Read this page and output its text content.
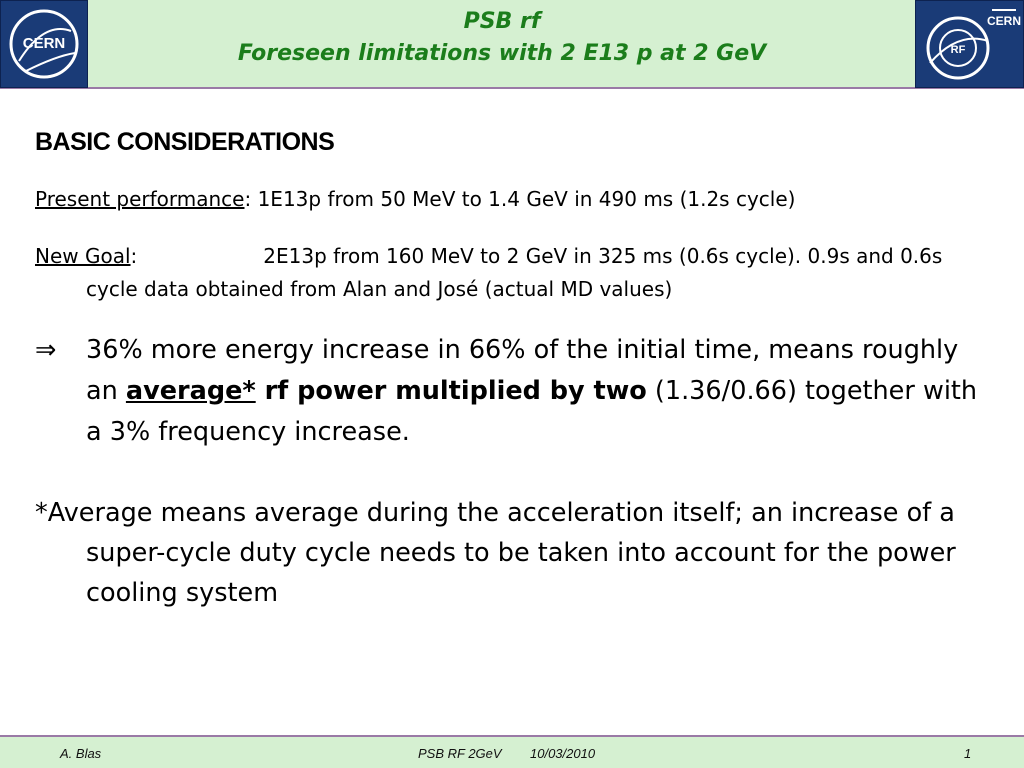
CERN
PSB rf
Foreseen limitations with 2 E13 p at 2 GeV
CERN
RF
BASIC CONSIDERATIONS
Present performance: 1E13p from 50 MeV to 1.4 GeV in 490 ms (1.2s cycle)
New Goal:	2E13p from 160 MeV to 2 GeV in 325 ms (0.6s cycle). 0.9s and 0.6s cycle data obtained from Alan and José (actual MD values)
⇒ 36% more energy increase in 66% of the initial time, means roughly an average* rf power multiplied by two (1.36/0.66) together with a 3% frequency increase.
*Average means average during the acceleration itself; an increase of a super-cycle duty cycle needs to be taken into account for the power cooling system
A. Blas	PSB RF 2GeV 10/03/2010	1
